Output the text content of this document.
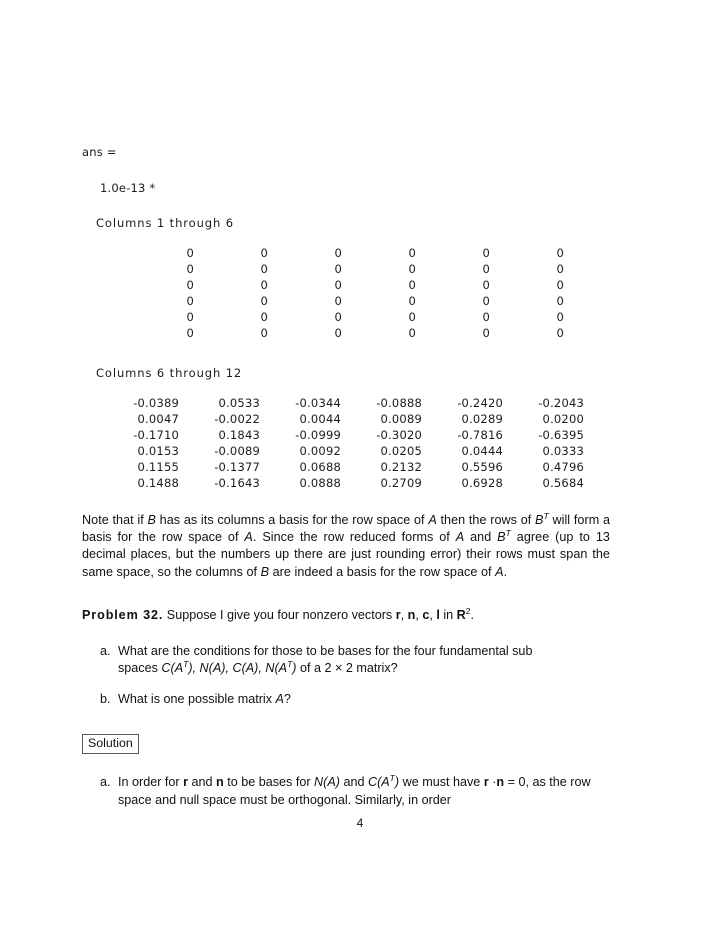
ans =
1.0e-13 *
Columns 1 through 6
0	0	0	0	0	0
0	0	0	0	0	0
0	0	0	0	0	0
0	0	0	0	0	0
0	0	0	0	0	0
0	0	0	0	0	0
Columns 6 through 12
-0.0389	0.0533	-0.0344	-0.0888	-0.2420	-0.2043
0.0047	-0.0022	0.0044	0.0089	0.0289	0.0200
-0.1710	0.1843	-0.0999	-0.3020	-0.7816	-0.6395
0.0153	-0.0089	0.0092	0.0205	0.0444	0.0333
0.1155	-0.1377	0.0688	0.2132	0.5596	0.4796
0.1488	-0.1643	0.0888	0.2709	0.6928	0.5684

Note that if B has as its columns a basis for the row space of A then the rows of $B^T$ will form a basis for the row space of A. Since the row reduced forms of A and $B^T$ agree (up to 13 decimal places, but the numbers up there are just rounding error) their rows must span the same space, so the columns of B are indeed a basis for the row space of A.

Problem 32. Suppose I give you four nonzero vectors r, n, c, l in $R^2$.
a. What are the conditions for those to be bases for the four fundamental sub
spaces $C(A^T)$, N(A), C(A), $N(A^T)$ of a 2 × 2 matrix?
b. What is one possible matrix A?
Solution
a. In order for r and n to be bases for N(A) and $C(A^T)$ we must have r ·n = 0, as the row space and null space must be orthogonal. Similarly, in order
4
